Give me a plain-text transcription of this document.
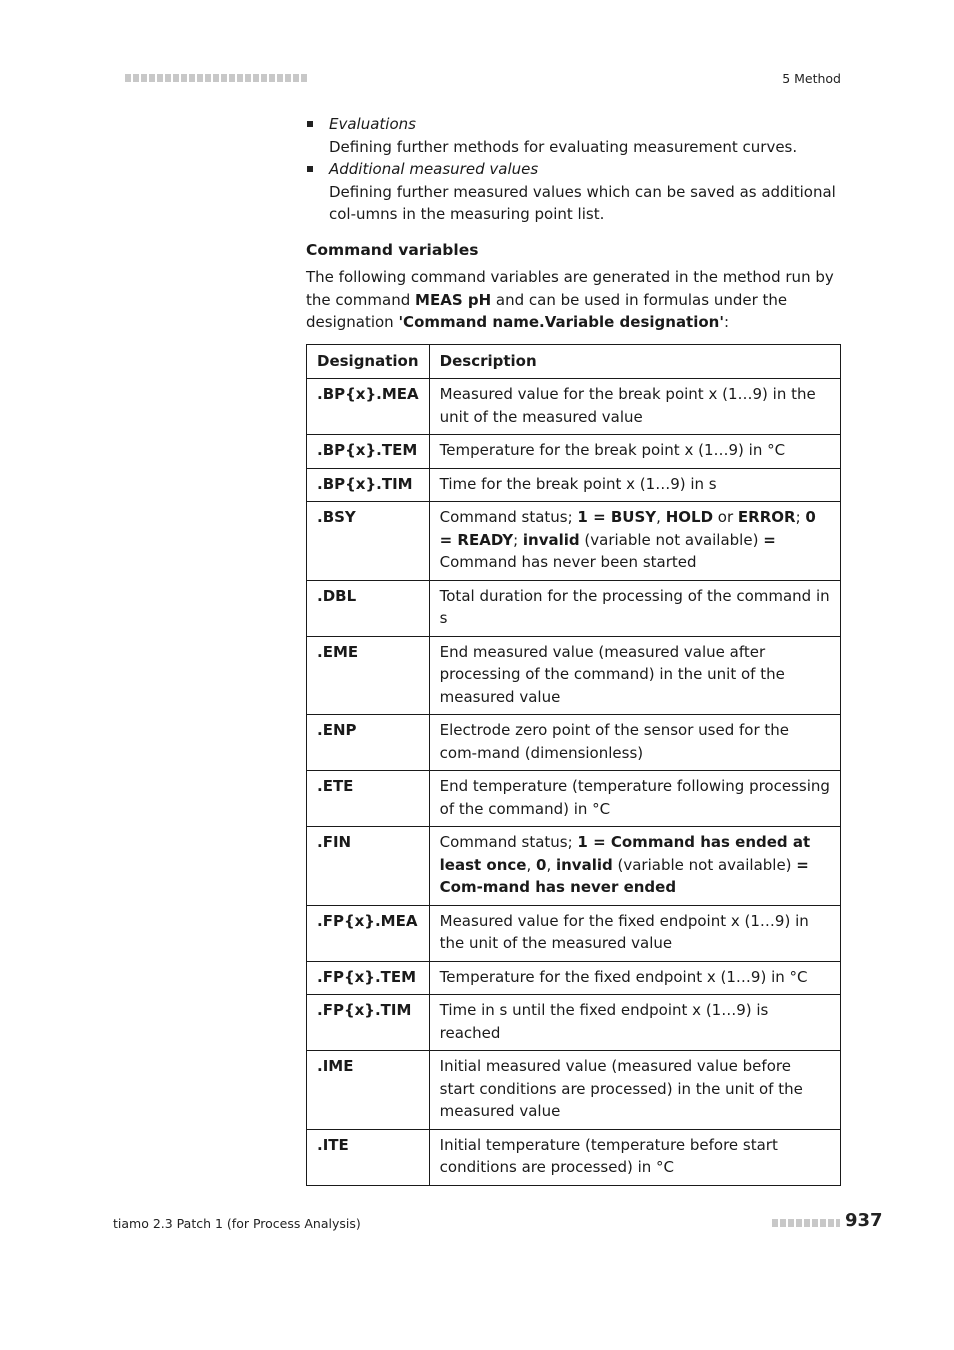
5 Method
Evaluations
Defining further methods for evaluating measurement curves.
Additional measured values
Defining further measured values which can be saved as additional col-umns in the measuring point list.
Command variables
The following command variables are generated in the method run by the command MEAS pH and can be used in formulas under the designation 'Command name.Variable designation':
Designation	Description
.BP{x}.MEA	Measured value for the break point x (1…9) in the unit of the measured value
.BP{x}.TEM	Temperature for the break point x (1…9) in °C
.BP{x}.TIM	Time for the break point x (1…9) in s
.BSY	Command status; 1 = BUSY, HOLD or ERROR; 0 = READY; invalid (variable not available) = Command has never been started
.DBL	Total duration for the processing of the command in s
.EME	End measured value (measured value after processing of the command) in the unit of the measured value
.ENP	Electrode zero point of the sensor used for the com-mand (dimensionless)
.ETE	End temperature (temperature following processing of the command) in °C
.FIN	Command status; 1 = Command has ended at least once, 0, invalid (variable not available) = Com-mand has never ended
.FP{x}.MEA	Measured value for the fixed endpoint x (1…9) in the unit of the measured value
.FP{x}.TEM	Temperature for the fixed endpoint x (1…9) in °C
.FP{x}.TIM	Time in s until the fixed endpoint x (1…9) is reached
.IME	Initial measured value (measured value before start conditions are processed) in the unit of the measured value
.ITE	Initial temperature (temperature before start conditions are processed) in °C
tiamo 2.3 Patch 1 (for Process Analysis)	937
